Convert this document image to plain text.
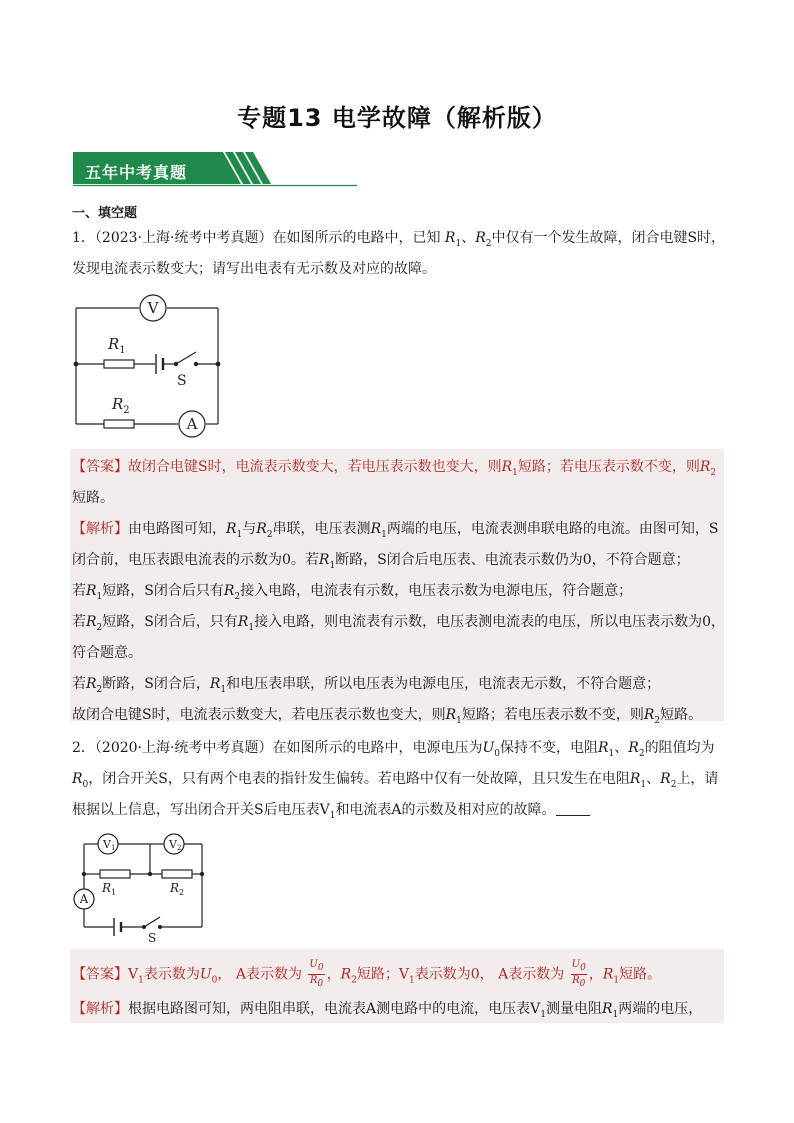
专题13 电学故障（解析版）
五年中考真题
一、填空题
1．（2023·上海·统考中考真题）在如图所示的电路中，已知 $R_1$、$R_2$中仅有一个发生故障，闭合电键S时，
发现电流表示数变大；请写出电表有无示数及对应的故障。
V
A
$R_1$
$R_2$
S
【答案】故闭合电键S时，电流表示数变大，若电压表示数也变大，则$R_1$短路；若电压表示数不变，则$R_2$
短路。
【解析】由电路图可知，$R_1$与$R_2$串联，电压表测$R_1$两端的电压，电流表测串联电路的电流。由图可知，S
闭合前，电压表跟电流表的示数为0。若$R_1$断路，S闭合后电压表、电流表示数仍为0，不符合题意；
若$R_1$短路，S闭合后只有$R_2$接入电路，电流表有示数，电压表示数为电源电压，符合题意；
若$R_2$短路，S闭合后，只有$R_1$接入电路，则电流表有示数，电压表测电流表的电压，所以电压表示数为0，
符合题意。
若$R_2$断路，S闭合后，$R_1$和电压表串联，所以电压表为电源电压，电流表无示数，不符合题意；
故闭合电键S时，电流表示数变大，若电压表示数也变大，则$R_1$短路；若电压表示数不变，则$R_2$短路。
2．（2020·上海·统考中考真题）在如图所示的电路中，电源电压为$U_0$保持不变，电阻$R_1$、$R_2$的阻值均为
$R_0$，闭合开关S，只有两个电表的指针发生偏转。若电路中仅有一处故障，且只发生在电阻$R_1$、$R_2$上，请
根据以上信息，写出闭合开关S后电压表$V_1$和电流表A的示数及相对应的故障。
V1	V2
A
$R_1$	$R_2$
S
【答案】$V_1$表示数为$U_0$， A表示数为 $\frac{U_0}{R_0}$ ，$R_2$短路；$V_1$表示数为0， A表示数为 $\frac{U_0}{R_0}$ ，$R_1$短路。
【解析】根据电路图可知，两电阻串联，电流表A测电路中的电流，电压表$V_1$测量电阻$R_1$两端的电压，
